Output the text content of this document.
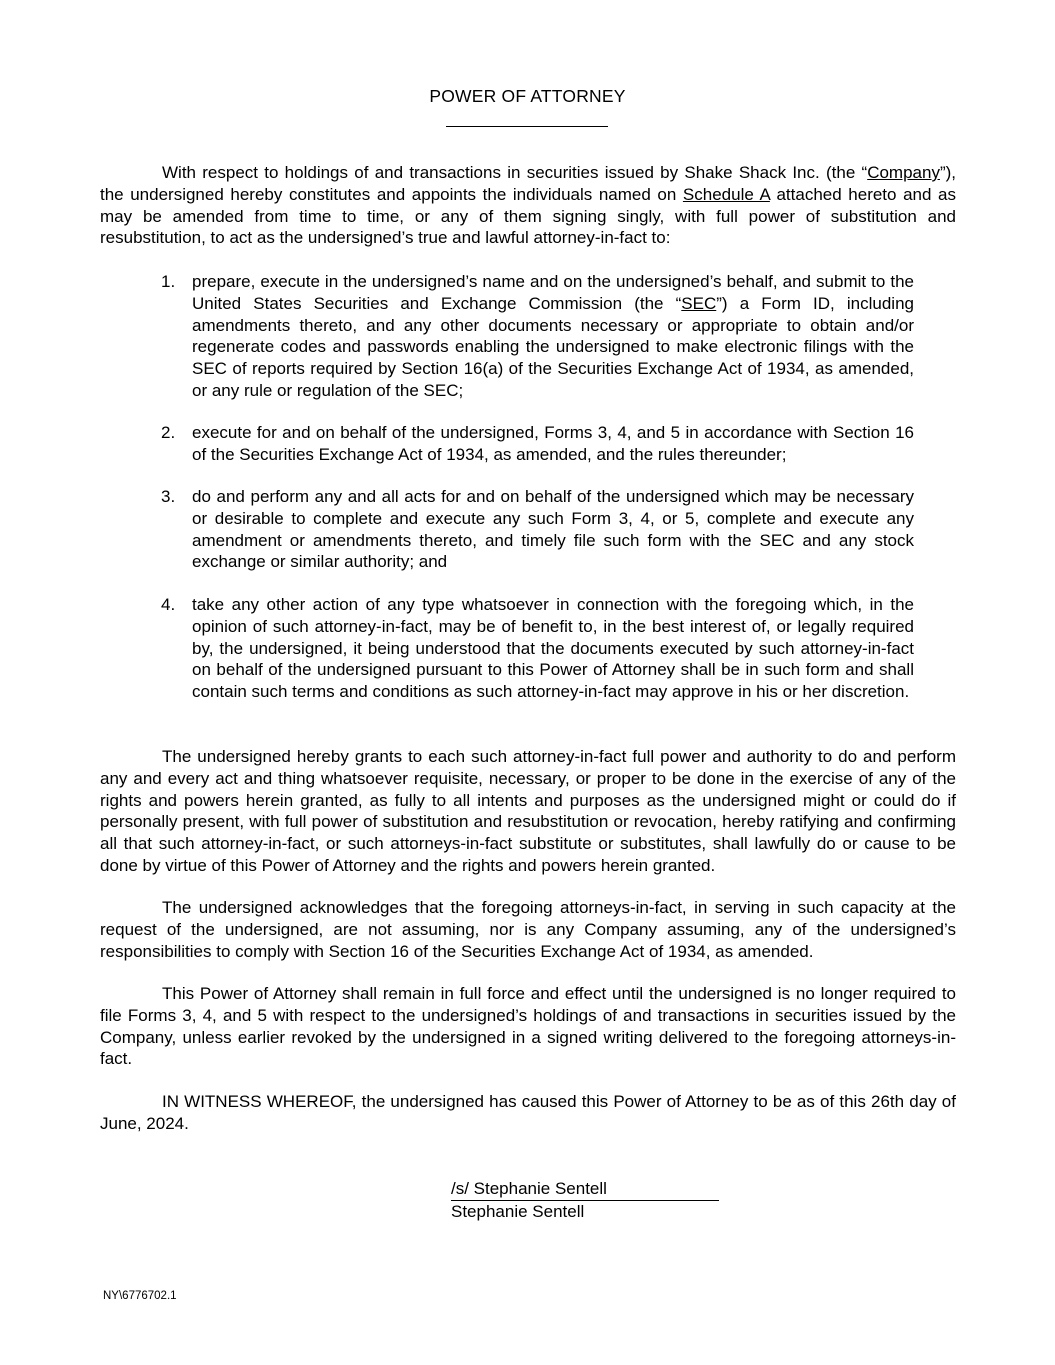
POWER OF ATTORNEY

With respect to holdings of and transactions in securities issued by Shake Shack Inc. (the “Company”), the undersigned hereby constitutes and appoints the individuals named on Schedule A attached hereto and as may be amended from time to time, or any of them signing singly, with full power of substitution and resubstitution, to act as the undersigned’s true and lawful attorney-in-fact to:

1. prepare, execute in the undersigned’s name and on the undersigned’s behalf, and submit to the United States Securities and Exchange Commission (the “SEC”) a Form ID, including amendments thereto, and any other documents necessary or appropriate to obtain and/or regenerate codes and passwords enabling the undersigned to make electronic filings with the SEC of reports required by Section 16(a) of the Securities Exchange Act of 1934, as amended, or any rule or regulation of the SEC;

2. execute for and on behalf of the undersigned, Forms 3, 4, and 5 in accordance with Section 16 of the Securities Exchange Act of 1934, as amended, and the rules thereunder;

3. do and perform any and all acts for and on behalf of the undersigned which may be necessary or desirable to complete and execute any such Form 3, 4, or 5, complete and execute any amendment or amendments thereto, and timely file such form with the SEC and any stock exchange or similar authority; and

4. take any other action of any type whatsoever in connection with the foregoing which, in the opinion of such attorney-in-fact, may be of benefit to, in the best interest of, or legally required by, the undersigned, it being understood that the documents executed by such attorney-in-fact on behalf of the undersigned pursuant to this Power of Attorney shall be in such form and shall contain such terms and conditions as such attorney-in-fact may approve in his or her discretion.

The undersigned hereby grants to each such attorney-in-fact full power and authority to do and perform any and every act and thing whatsoever requisite, necessary, or proper to be done in the exercise of any of the rights and powers herein granted, as fully to all intents and purposes as the undersigned might or could do if personally present, with full power of substitution and resubstitution or revocation, hereby ratifying and confirming all that such attorney-in-fact, or such attorneys-in-fact substitute or substitutes, shall lawfully do or cause to be done by virtue of this Power of Attorney and the rights and powers herein granted.

The undersigned acknowledges that the foregoing attorneys-in-fact, in serving in such capacity at the request of the undersigned, are not assuming, nor is any Company assuming, any of the undersigned’s responsibilities to comply with Section 16 of the Securities Exchange Act of 1934, as amended.

This Power of Attorney shall remain in full force and effect until the undersigned is no longer required to file Forms 3, 4, and 5 with respect to the undersigned’s holdings of and transactions in securities issued by the Company, unless earlier revoked by the undersigned in a signed writing delivered to the foregoing attorneys-in-fact.

IN WITNESS WHEREOF, the undersigned has caused this Power of Attorney to be as of this 26th day of June, 2024.

/s/ Stephanie Sentell
Stephanie Sentell
NY\6776702.1
